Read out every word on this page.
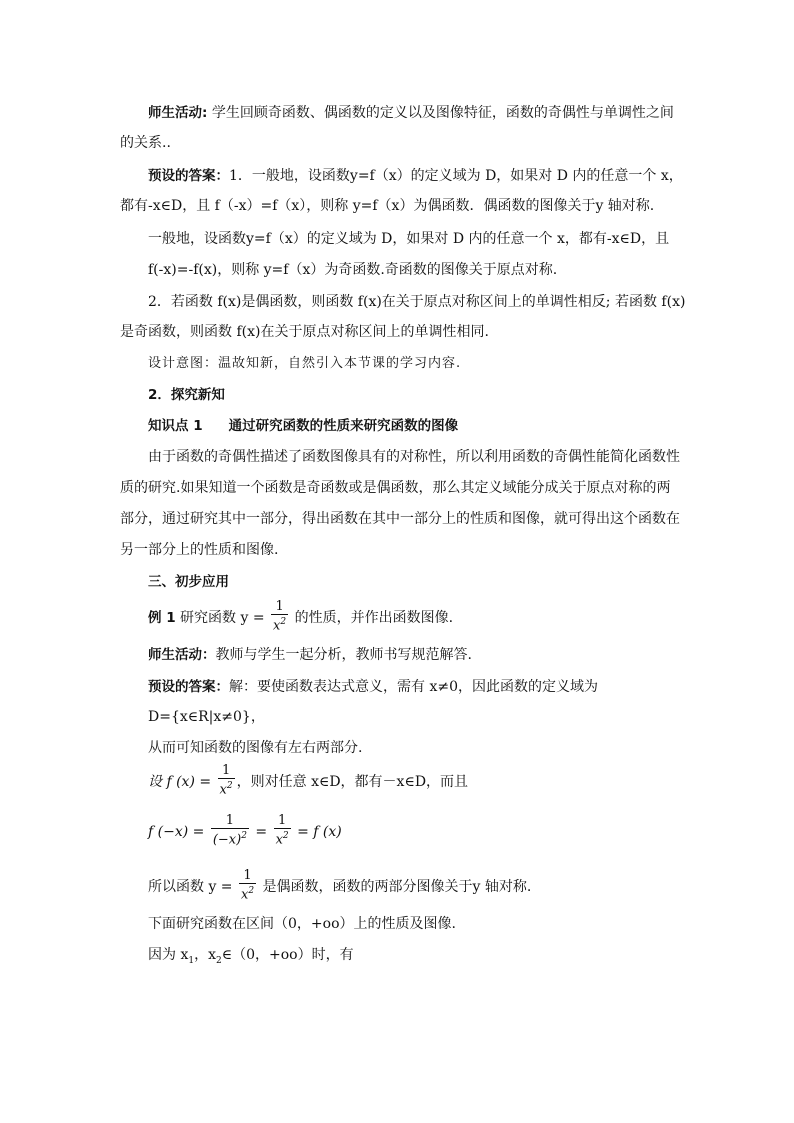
师生活动: 学生回顾奇函数、偶函数的定义以及图像特征，函数的奇偶性与单调性之间
的关系..
预设的答案：1．一般地，设函数y=f（x）的定义域为 D，如果对 D 内的任意一个 x，
都有-x∈D，且 f（-x）=f（x），则称 y=f（x）为偶函数．偶函数的图像关于y 轴对称.
一般地，设函数y=f（x）的定义域为 D，如果对 D 内的任意一个 x，都有-x∈D，且
f(-x)=-f(x)，则称 y=f（x）为奇函数.奇函数的图像关于原点对称.
2．若函数 f(x)是偶函数，则函数 f(x)在关于原点对称区间上的单调性相反; 若函数 f(x)
是奇函数，则函数 f(x)在关于原点对称区间上的单调性相同.
设计意图：温故知新，自然引入本节课的学习内容.
2．探究新知
知识点 1 通过研究函数的性质来研究函数的图像
由于函数的奇偶性描述了函数图像具有的对称性，所以利用函数的奇偶性能简化函数性
质的研究.如果知道一个函数是奇函数或是偶函数，那么其定义域能分成关于原点对称的两
部分，通过研究其中一部分，得出函数在其中一部分上的性质和图像，就可得出这个函数在
另一部分上的性质和图像.
三、初步应用
例 1 研究函数 $y = \frac{1}{x^2}$ 的性质，并作出函数图像.
师生活动：教师与学生一起分析，教师书写规范解答.
预设的答案：解：要使函数表达式意义，需有 x≠0，因此函数的定义域为
D={x∈R|x≠0}，
从而可知函数的图像有左右两部分.
设 f $(x) = \frac{1}{x^2}$ ，则对任意 x∈D，都有－x∈D，而且
f $(-x) = \frac{1}{(-x)^2} = \frac{1}{x^2} = f$ (x)
所以函数 $y = \frac{1}{x^2}$ 是偶函数，函数的两部分图像关于y 轴对称.
下面研究函数在区间（0，+oo）上的性质及图像.
因为 $x_1$，$x_2\in(0$，+oo）时，有
